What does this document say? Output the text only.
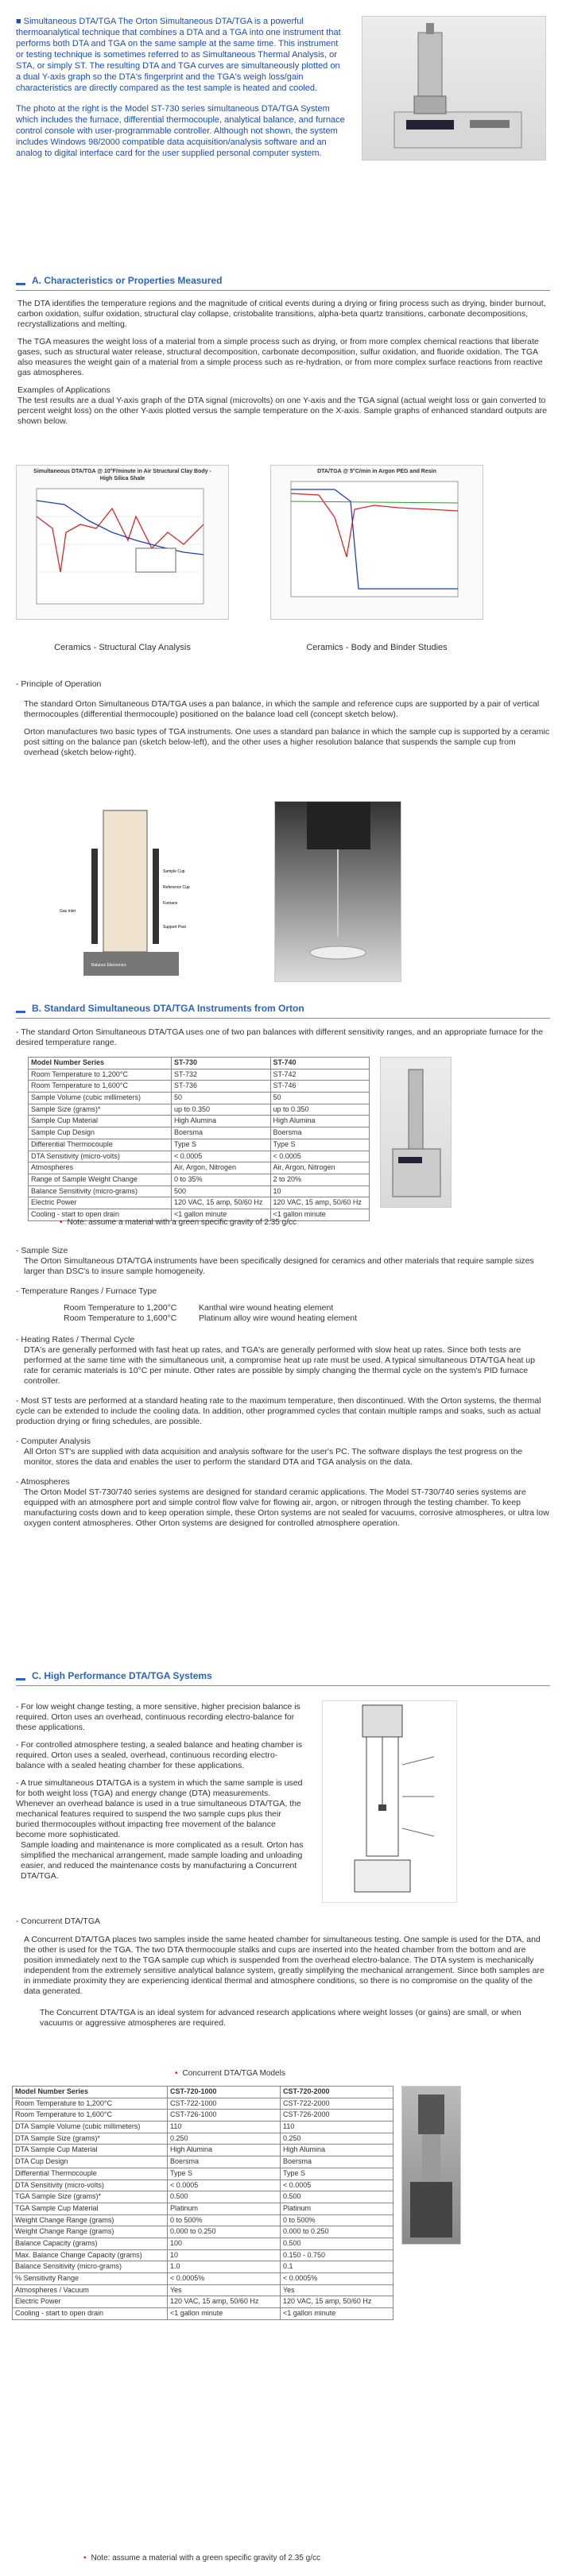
■ Simultaneous DTA/TGA The Orton Simultaneous DTA/TGA is a powerful thermoanalytical technique that combines a DTA and a TGA into one instrument that performs both DTA and TGA on the same sample at the same time. This instrument or testing technique is sometimes referred to as Simultaneous Thermal Analysis, or STA, or simply ST. The resulting DTA and TGA curves are simultaneously plotted on a dual Y-axis graph so the DTA's fingerprint and the TGA's weigh loss/gain characteristics are directly compared as the test sample is heated and cooled.

The photo at the right is the Model ST-730 series simultaneous DTA/TGA System which includes the furnace, differential thermocouple, analytical balance, and furnace control console with user-programmable controller. Although not shown, the system includes Windows 98/2000 compatible data acquisition/analysis software and an analog to digital interface card for the user supplied personal computer system.

A. Characteristics or Properties Measured

The DTA identifies the temperature regions and the magnitude of critical events during a drying or firing process such as drying, binder burnout, carbon oxidation, sulfur oxidation, structural clay collapse, cristobalite transitions, alpha-beta quartz transitions, carbonate decompositions, recrystallizations and melting.

The TGA measures the weight loss of a material from a simple process such as drying, or from more complex chemical reactions that liberate gases, such as structural water release, structural decomposition, carbonate decomposition, sulfur oxidation, and fluoride oxidation. The TGA also measures the weight gain of a material from a simple process such as re-hydration, or from more complex surface reactions from reactive gas atmospheres.

Examples of Applications

The test results are a dual Y-axis graph of the DTA signal (microvolts) on one Y-axis and the TGA signal (actual weight loss or gain converted to percent weight loss) on the other Y-axis plotted versus the sample temperature on the X-axis. Sample graphs of enhanced standard outputs are shown below.

Simultaneous DTA/TGA @ 10°F/minute in Air Structural Clay Body - High Silica Shale
DTA/TGA @ 5°C/min in Argon PEG and Resin
Ceramics - Structural Clay Analysis	Ceramics - Body and Binder Studies
- Principle of Operation

The standard Orton Simultaneous DTA/TGA uses a pan balance, in which the sample and reference cups are supported by a pair of vertical thermocouples (differential thermocouple) positioned on the balance load cell (concept sketch below).

Orton manufactures two basic types of TGA instruments. One uses a standard pan balance in which the sample cup is supported by a ceramic post sitting on the balance pan (sketch below-left), and the other uses a higher resolution balance that suspends the sample cup from overhead (sketch below-right).

Sample Cup
Reference Cup
Furnace
Gas Inlet
Support Post
Balance Electronics
B. Standard Simultaneous DTA/TGA Instruments from Orton
- The standard Orton Simultaneous DTA/TGA uses one of two pan balances with different sensitivity ranges, and an appropriate furnace for the desired temperature range.
Model Number Series	ST-730	ST-740
Room Temperature to 1,200°C	ST-732	ST-742
Room Temperature to 1,600°C	ST-736	ST-746
Sample Volume (cubic millimeters)	50	50
Sample Size (grams)*	up to 0.350	up to 0.350
Sample Cup Material	High Alumina	High Alumina
Sample Cup Design	Boersma	Boersma
Differential Thermocouple	Type S	Type S
DTA Sensitivity (micro-volts)	< 0.0005	< 0.0005
Atmospheres	Air, Argon, Nitrogen	Air, Argon, Nitrogen
Range of Sample Weight Change	0 to 35%	2 to 20%
Balance Sensitivity (micro-grams)	500	10
Electric Power	120 VAC, 15 amp, 50/60 Hz	120 VAC, 15 amp, 50/60 Hz
Cooling - start to open drain	<1 gallon minute	<1 gallon minute
• Note: assume a material with a green specific gravity of 2.35 g/cc
- Sample Size

The Orton Simultaneous DTA/TGA instruments have been specifically designed for ceramics and other materials that require sample sizes larger than DSC's to insure sample homogeneity.

- Temperature Ranges / Furnace Type
Room Temperature to 1,200°C	Kanthal wire wound heating element
Room Temperature to 1,600°C	Platinum alloy wire wound heating element
- Heating Rates / Thermal Cycle

DTA's are generally performed with fast heat up rates, and TGA's are generally performed with slow heat up rates. Since both tests are performed at the same time with the simultaneous unit, a compromise heat up rate must be used. A typical simultaneous DTA/TGA heat up rate for ceramic materials is 10°C per minute. Other rates are possible by simply changing the thermal cycle on the system's PID furnace controller.

- Most ST tests are performed at a standard heating rate to the maximum temperature, then discontinued. With the Orton systems, the thermal cycle can be extended to include the cooling data. In addition, other programmed cycles that contain multiple ramps and soaks, such as actual production drying or firing schedules, are possible.

- Computer Analysis

All Orton ST's are supplied with data acquisition and analysis software for the user's PC. The software displays the test progress on the monitor, stores the data and enables the user to perform the standard DTA and TGA analysis on the data.

- Atmospheres

The Orton Model ST-730/740 series systems are designed for standard ceramic applications. The Model ST-730/740 series systems are equipped with an atmosphere port and simple control flow valve for flowing air, argon, or nitrogen through the testing chamber. To keep manufacturing costs down and to keep operation simple, these Orton systems are not sealed for vacuums, corrosive atmospheres, or ultra low oxygen content atmospheres. Other Orton systems are designed for controlled atmosphere operation.

C. High Performance DTA/TGA Systems

- For low weight change testing, a more sensitive, higher precision balance is required. Orton uses an overhead, continuous recording electro-balance for these applications.

- For controlled atmosphere testing, a sealed balance and heating chamber is required. Orton uses a sealed, overhead, continuous recording electro-balance with a sealed heating chamber for these applications.

- A true simultaneous DTA/TGA is a system in which the same sample is used for both weight loss (TGA) and energy change (DTA) measurements. Whenever an overhead balance is used in a true simultaneous DTA/TGA, the mechanical features required to suspend the two sample cups plus their buried thermocouples without impacting free movement of the balance become more sophisticated.

Sample loading and maintenance is more complicated as a result. Orton has simplified the mechanical arrangement, made sample loading and unloading easier, and reduced the maintenance costs by manufacturing a Concurrent DTA/TGA.

- Concurrent DTA/TGA

A Concurrent DTA/TGA places two samples inside the same heated chamber for simultaneous testing. One sample is used for the DTA, and the other is used for the TGA. The two DTA thermocouple stalks and cups are inserted into the heated chamber from the bottom and are position immediately next to the TGA sample cup which is suspended from the overhead electro-balance. The DTA system is mechanically independent from the extremely sensitive analytical balance system, greatly simplifying the mechanical arrangement. Since both samples are in immediate proximity they are experiencing identical thermal and atmosphere conditions, so there is no compromise on the quality of the data generated.

The Concurrent DTA/TGA is an ideal system for advanced research applications where weight losses (or gains) are small, or when vacuums or aggressive atmospheres are required.

• Concurrent DTA/TGA Models
Model Number Series	CST-720-1000	CST-720-2000
Room Temperature to 1,200°C	CST-722-1000	CST-722-2000
Room Temperature to 1,600°C	CST-726-1000	CST-726-2000
DTA Sample Volume (cubic millimeters)	110	110
DTA Sample Size (grams)*	0.250	0.250
DTA Sample Cup Material	High Alumina	High Alumina
DTA Cup Design	Boersma	Boersma
Differential Thermocouple	Type S	Type S
DTA Sensitivity (micro-volts)	< 0.0005	< 0.0005
TGA Sample Size (grams)*	0.500	0.500
TGA Sample Cup Material	Platinum	Platinum
Weight Change Range (grams)	0 to 500%	0 to 500%
Weight Change Range (grams)	0.000 to 0.250	0.000 to 0.250
Balance Capacity (grams)	100	0.500
Max. Balance Change Capacity (grams)	10	0.150 - 0.750
Balance Sensitivity (micro-grams)	1.0	0.1
% Sensitivity Range	< 0.0005%	< 0.0005%
Atmospheres / Vacuum	Yes	Yes
Electric Power	120 VAC, 15 amp, 50/60 Hz	120 VAC, 15 amp, 50/60 Hz
Cooling - start to open drain	<1 gallon minute	<1 gallon minute
• Note: assume a material with a green specific gravity of 2.35 g/cc
